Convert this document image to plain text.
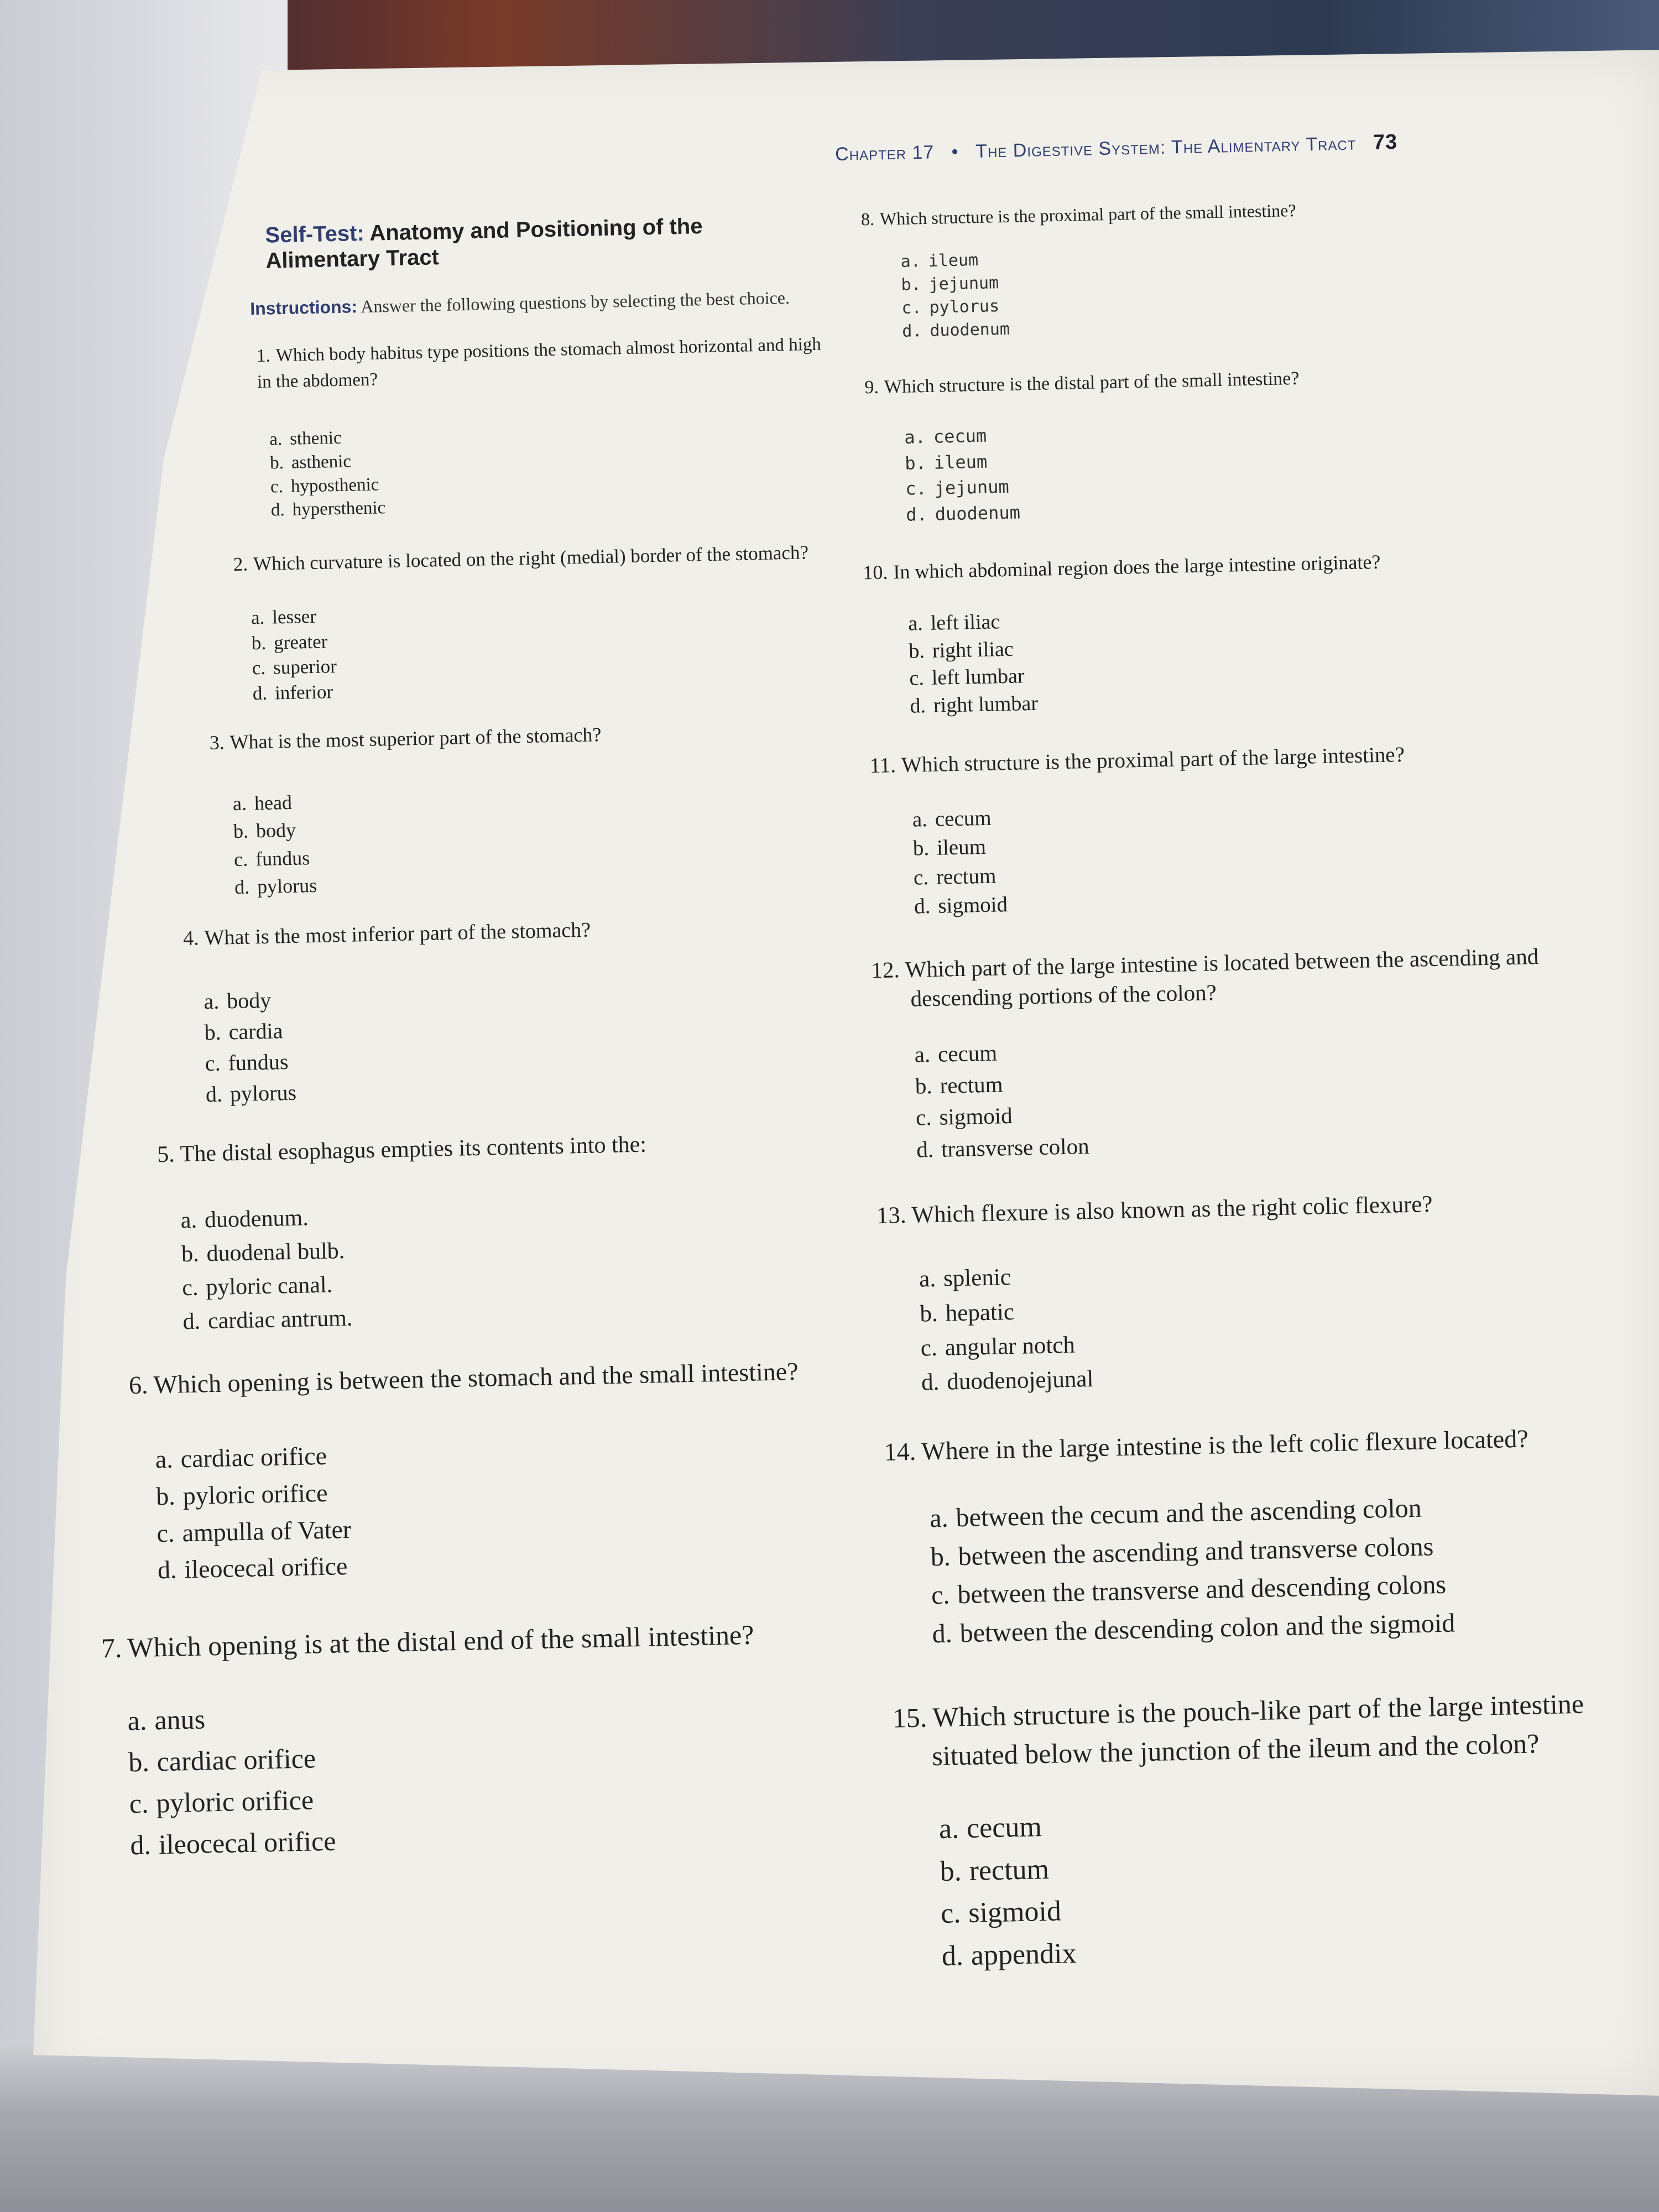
Chapter 17 • The Digestive System: The Alimentary Tract 73
Self-Test: Anatomy and Positioning of the Alimentary Tract
Instructions: Answer the following questions by selecting the best choice.
1. Which body habitus type positions the stomach almost horizontal and high in the abdomen?
a. sthenic
b. asthenic
c. hyposthenic
d. hypersthenic
2. Which curvature is located on the right (medial) border of the stomach?
a. lesser
b. greater
c. superior
d. inferior
3. What is the most superior part of the stomach?
a. head
b. body
c. fundus
d. pylorus
4. What is the most inferior part of the stomach?
a. body
b. cardia
c. fundus
d. pylorus
5. The distal esophagus empties its contents into the:
a. duodenum.
b. duodenal bulb.
c. pyloric canal.
d. cardiac antrum.
6. Which opening is between the stomach and the small intestine?
a. cardiac orifice
b. pyloric orifice
c. ampulla of Vater
d. ileocecal orifice
7. Which opening is at the distal end of the small intestine?
a. anus
b. cardiac orifice
c. pyloric orifice
d. ileocecal orifice
8. Which structure is the proximal part of the small intestine?
a. ileum
b. jejunum
c. pylorus
d. duodenum
9. Which structure is the distal part of the small intestine?
a. cecum
b. ileum
c. jejunum
d. duodenum
10. In which abdominal region does the large intestine originate?
a. left iliac
b. right iliac
c. left lumbar
d. right lumbar
11. Which structure is the proximal part of the large intestine?
a. cecum
b. ileum
c. rectum
d. sigmoid
12. Which part of the large intestine is located between the ascending and descending portions of the colon?
a. cecum
b. rectum
c. sigmoid
d. transverse colon
13. Which flexure is also known as the right colic flexure?
a. splenic
b. hepatic
c. angular notch
d. duodenojejunal
14. Where in the large intestine is the left colic flexure located?
a. between the cecum and the ascending colon
b. between the ascending and transverse colons
c. between the transverse and descending colons
d. between the descending colon and the sigmoid
15. Which structure is the pouch-like part of the large intestine situated below the junction of the ileum and the colon?
a. cecum
b. rectum
c. sigmoid
d. appendix
